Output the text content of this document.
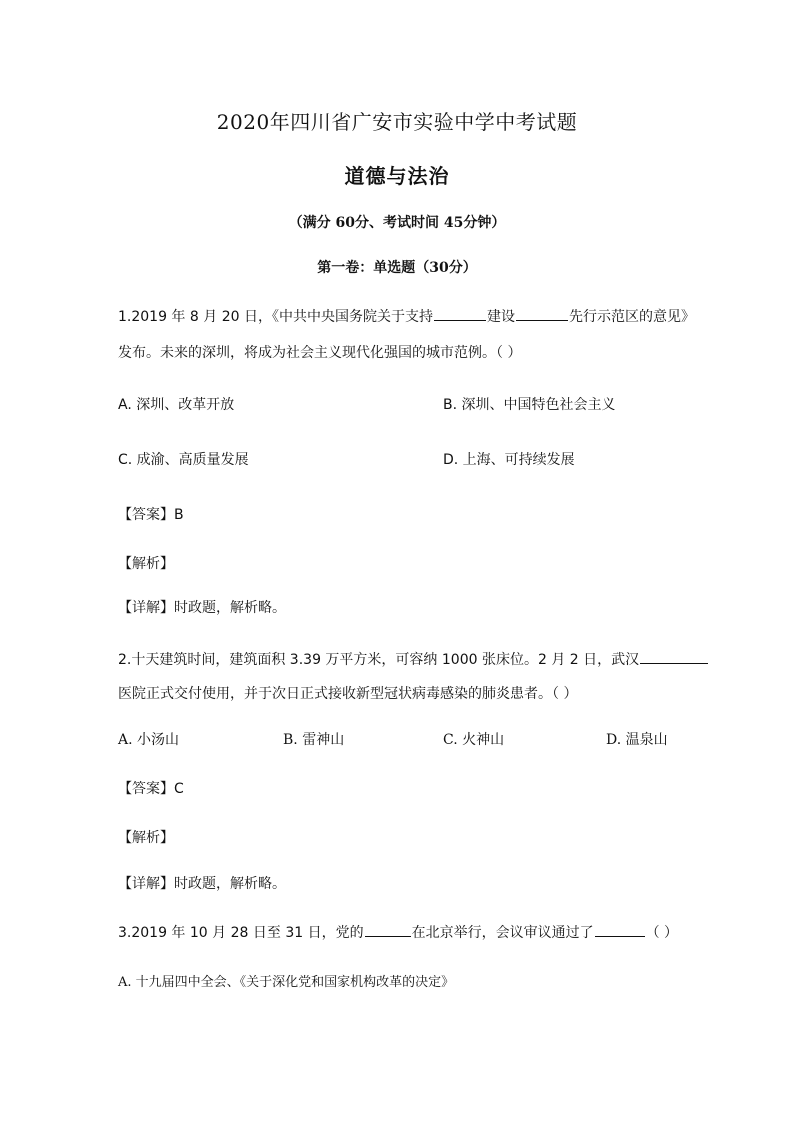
2020年四川省广安市实验中学中考试题
道德与法治
（满分 60分、考试时间 45分钟）
第一卷：单选题（30分）
1.2019 年 8 月 20 日，《中共中央国务院关于支持	建设	先行示范区的意见》
发布。未来的深圳，将成为社会主义现代化强国的城市范例。（ ）
A. 深圳、改革开放	B. 深圳、中国特色社会主义
C. 成渝、高质量发展	D. 上海、可持续发展
【答案】B
【解析】
【详解】时政题，解析略。
2.十天建筑时间，建筑面积 3.39 万平方米，可容纳 1000 张床位。2 月 2 日，武汉
医院正式交付使用，并于次日正式接收新型冠状病毒感染的肺炎患者。（ ）
A. 小汤山	B. 雷神山	C. 火神山	D. 温泉山
【答案】C
【解析】
【详解】时政题，解析略。
3.2019 年 10 月 28 日至 31 日，党的	在北京举行，会议审议通过了	（ ）
A. 十九届四中全会、《关于深化党和国家机构改革的决定》
